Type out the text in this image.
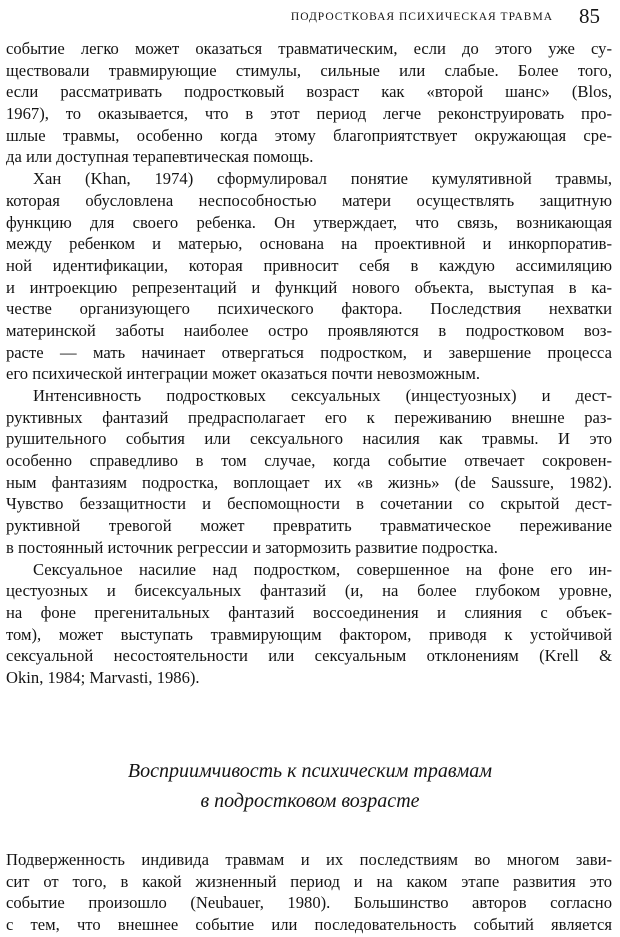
ПОДРОСТКОВАЯ ПСИХИЧЕСКАЯ ТРАВМА 85
событие легко может оказаться травматическим, если до этого уже су-
ществовали травмирующие стимулы, сильные или слабые. Более того,
если рассматривать подростковый возраст как «второй шанс» (Blos,
1967), то оказывается, что в этот период легче реконструировать про-
шлые травмы, особенно когда этому благоприятствует окружающая сре-
да или доступная терапевтическая помощь.
Хан (Khan, 1974) сформулировал понятие кумулятивной травмы,
которая обусловлена неспособностью матери осуществлять защитную
функцию для своего ребенка. Он утверждает, что связь, возникающая
между ребенком и матерью, основана на проективной и инкорпоратив-
ной идентификации, которая привносит себя в каждую ассимиляцию
и интроекцию репрезентаций и функций нового объекта, выступая в ка-
честве организующего психического фактора. Последствия нехватки
материнской заботы наиболее остро проявляются в подростковом воз-
расте — мать начинает отвергаться подростком, и завершение процесса
его психической интеграции может оказаться почти невозможным.
Интенсивность подростковых сексуальных (инцестуозных) и дест-
руктивных фантазий предрасполагает его к переживанию внешне раз-
рушительного события или сексуального насилия как травмы. И это
особенно справедливо в том случае, когда событие отвечает сокровен-
ным фантазиям подростка, воплощает их «в жизнь» (de Saussure, 1982).
Чувство беззащитности и беспомощности в сочетании со скрытой дест-
руктивной тревогой может превратить травматическое переживание
в постоянный источник регрессии и затормозить развитие подростка.
Сексуальное насилие над подростком, совершенное на фоне его ин-
цестуозных и бисексуальных фантазий (и, на более глубоком уровне,
на фоне прегенитальных фантазий воссоединения и слияния с объек-
том), может выступать травмирующим фактором, приводя к устойчивой
сексуальной несостоятельности или сексуальным отклонениям (Krell &
Okin, 1984; Marvasti, 1986).
Восприимчивость к психическим травмам
в подростковом возрасте
Подверженность индивида травмам и их последствиям во многом зави-
сит от того, в какой жизненный период и на каком этапе развития это
событие произошло (Neubauer, 1980). Большинство авторов согласно
с тем, что внешнее событие или последовательность событий является
